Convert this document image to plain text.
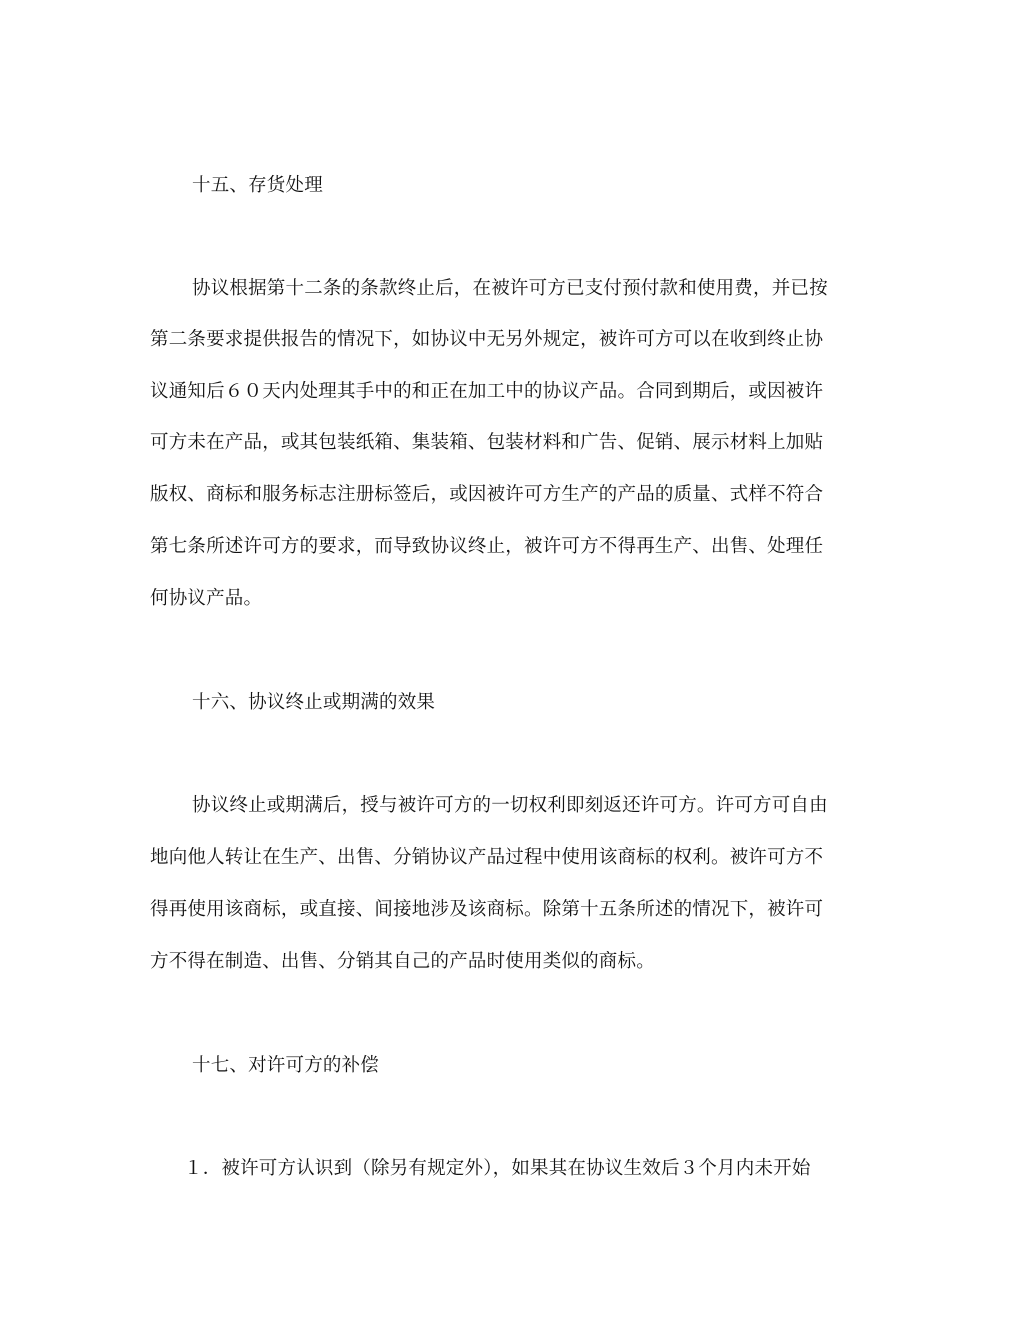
十五、存货处理
协议根据第十二条的条款终止后，在被许可方已支付预付款和使用费，并已按
第二条要求提供报告的情况下，如协议中无另外规定，被许可方可以在收到终止协
议通知后６０天内处理其手中的和正在加工中的协议产品。合同到期后，或因被许
可方未在产品，或其包装纸箱、集装箱、包装材料和广告、促销、展示材料上加贴
版权、商标和服务标志注册标签后，或因被许可方生产的产品的质量、式样不符合
第七条所述许可方的要求，而导致协议终止，被许可方不得再生产、出售、处理任
何协议产品。
十六、协议终止或期满的效果
协议终止或期满后，授与被许可方的一切权利即刻返还许可方。许可方可自由
地向他人转让在生产、出售、分销协议产品过程中使用该商标的权利。被许可方不
得再使用该商标，或直接、间接地涉及该商标。除第十五条所述的情况下，被许可
方不得在制造、出售、分销其自己的产品时使用类似的商标。
十七、对许可方的补偿
１．被许可方认识到（除另有规定外），如果其在协议生效后３个月内未开始
